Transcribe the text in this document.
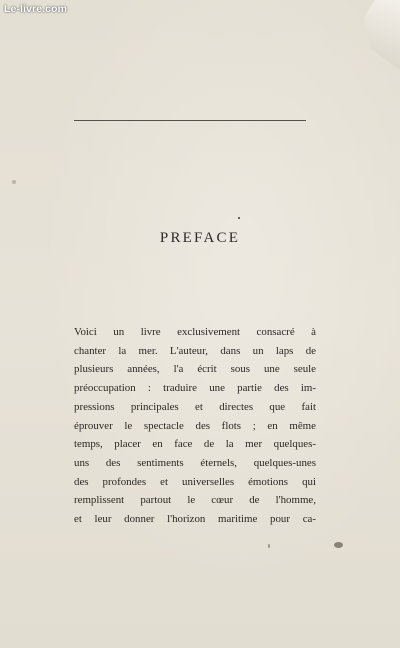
Le-livre.com
PREFACE
Voici un livre exclusivement consacré à
chanter la mer. L'auteur, dans un laps de
plusieurs années, l'a écrit sous une seule
préoccupation : traduire une partie des im-
pressions principales et directes que fait
éprouver le spectacle des flots ; en même
temps, placer en face de la mer quelques-
uns des sentiments éternels, quelques-unes
des profondes et universelles émotions qui
remplissent partout le cœur de l'homme,
et leur donner l'horizon maritime pour ca-
